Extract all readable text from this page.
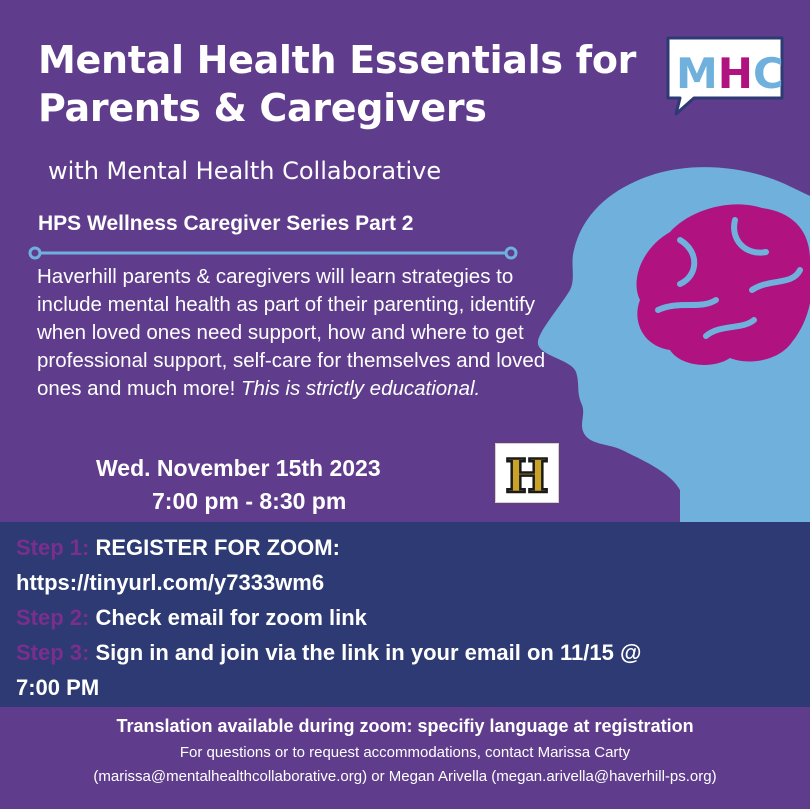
Mental Health Essentials for Parents & Caregivers
with Mental Health Collaborative
HPS Wellness Caregiver Series Part 2

Haverhill parents & caregivers will learn strategies to include mental health as part of their parenting, identify when loved ones need support, how and where to get professional support, self-care for themselves and loved ones and much more! This is strictly educational.

Wed. November 15th 2023
7:00 pm - 8:30 pm
MHC
H
Step 1: REGISTER FOR ZOOM:
https://tinyurl.com/y7333wm6
Step 2: Check email for zoom link
Step 3: Sign in and join via the link in your email on 11/15 @
7:00 PM
Translation available during zoom: specifiy language at registration
For questions or to request accommodations, contact Marissa Carty
(marissa@mentalhealthcollaborative.org) or Megan Arivella (megan.arivella@haverhill-ps.org)
